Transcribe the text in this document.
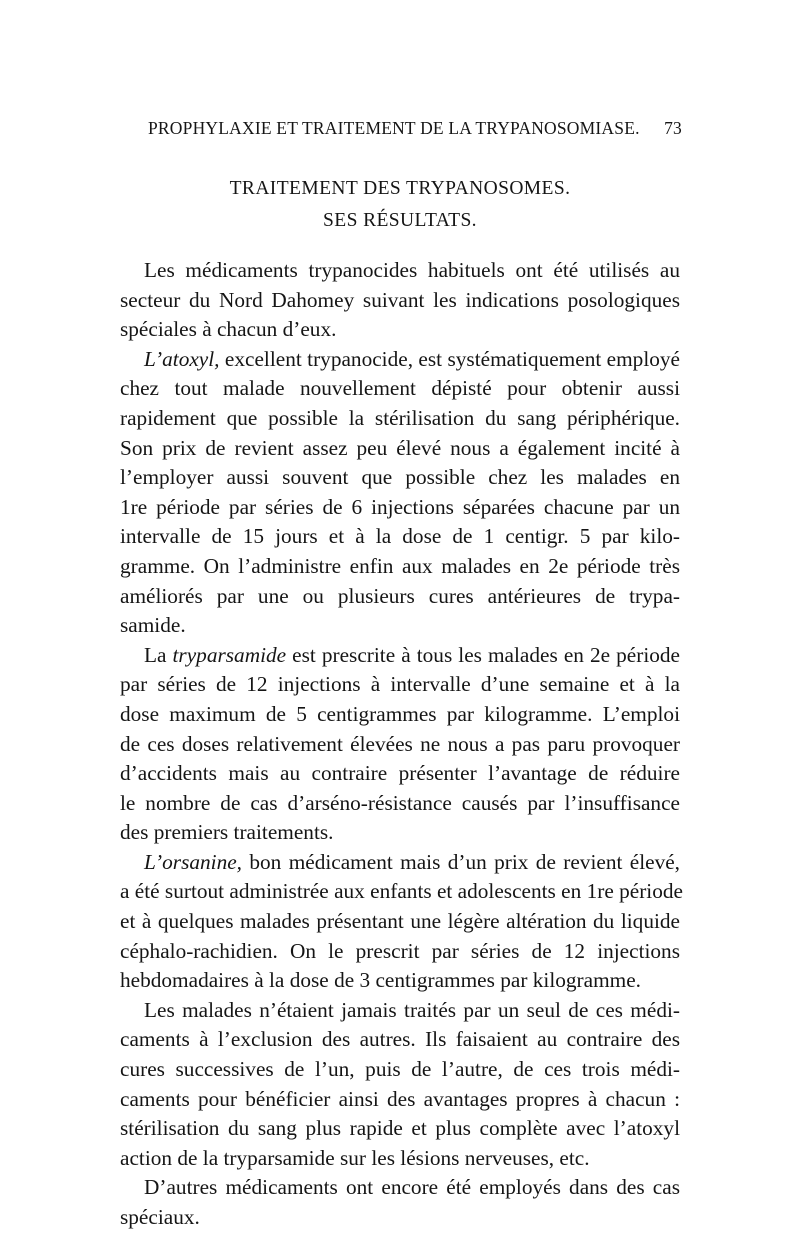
PROPHYLAXIE ET TRAITEMENT DE LA TRYPANOSOMIASE. 73
TRAITEMENT DES TRYPANOSOMES.
SES RÉSULTATS.
Les médicaments trypanocides habituels ont été utilisés au
secteur du Nord Dahomey suivant les indications posologiques
spéciales à chacun d’eux.
L’atoxyl, excellent trypanocide, est systématiquement employé
chez tout malade nouvellement dépisté pour obtenir aussi
rapidement que possible la stérilisation du sang périphérique.
Son prix de revient assez peu élevé nous a également incité à
l’employer aussi souvent que possible chez les malades en
1re période par séries de 6 injections séparées chacune par un
intervalle de 15 jours et à la dose de 1 centigr. 5 par kilo-
gramme. On l’administre enfin aux malades en 2e période très
améliorés par une ou plusieurs cures antérieures de trypa-
samide.
La tryparsamide est prescrite à tous les malades en 2e période
par séries de 12 injections à intervalle d’une semaine et à la
dose maximum de 5 centigrammes par kilogramme. L’emploi
de ces doses relativement élevées ne nous a pas paru provoquer
d’accidents mais au contraire présenter l’avantage de réduire
le nombre de cas d’arséno-résistance causés par l’insuffisance
des premiers traitements.
L’orsanine, bon médicament mais d’un prix de revient élevé,
a été surtout administrée aux enfants et adolescents en 1re période
et à quelques malades présentant une légère altération du liquide
céphalo-rachidien. On le prescrit par séries de 12 injections
hebdomadaires à la dose de 3 centigrammes par kilogramme.
Les malades n’étaient jamais traités par un seul de ces médi-
caments à l’exclusion des autres. Ils faisaient au contraire des
cures successives de l’un, puis de l’autre, de ces trois médi-
caments pour bénéficier ainsi des avantages propres à chacun :
stérilisation du sang plus rapide et plus complète avec l’atoxyl
action de la tryparsamide sur les lésions nerveuses, etc.
D’autres médicaments ont encore été employés dans des cas
spéciaux.
